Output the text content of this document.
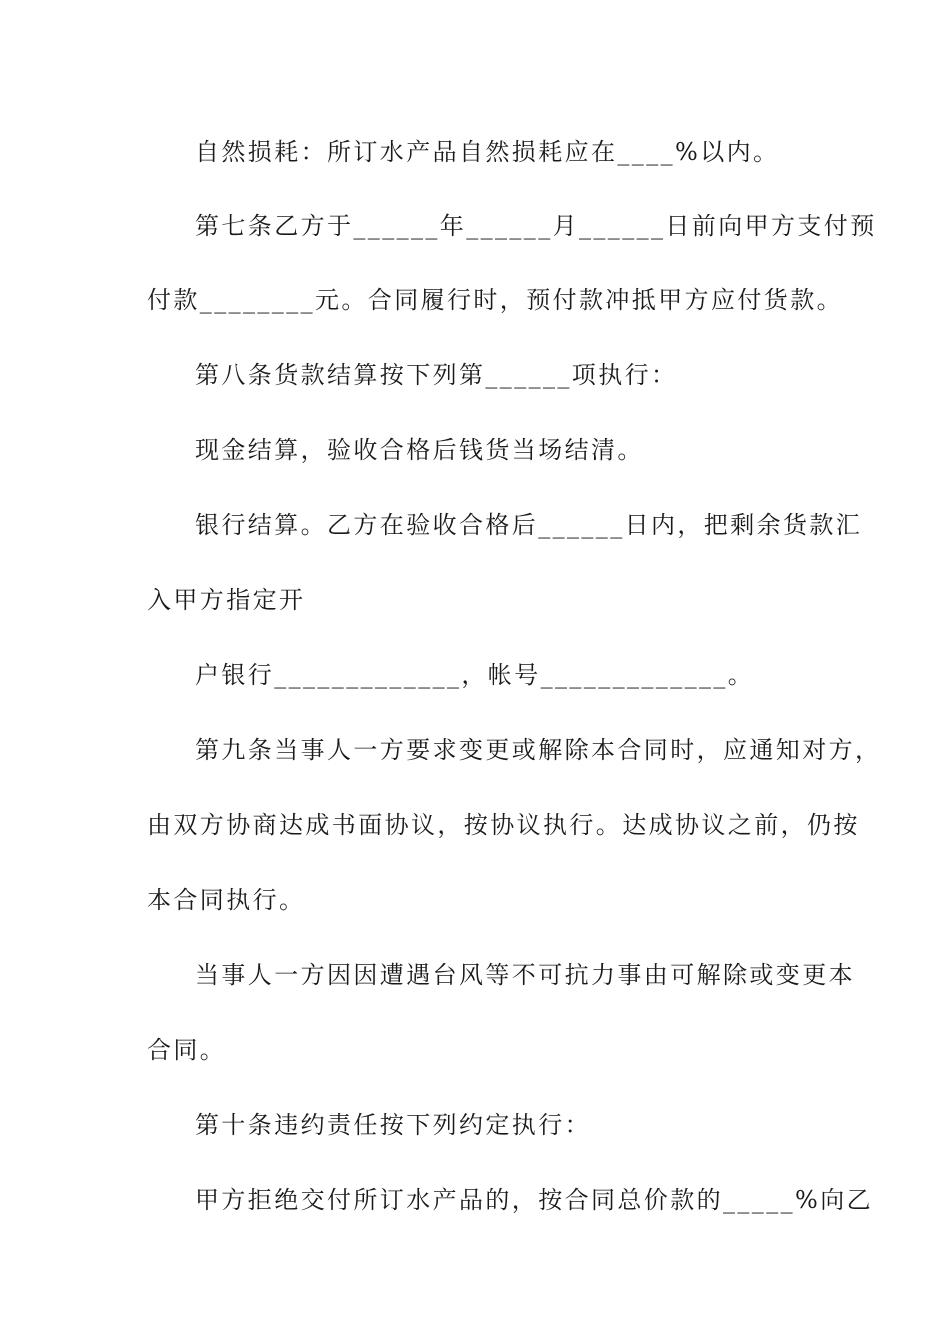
自然损耗：所订水产品自然损耗应在____%以内。
第七条乙方于______年______月______日前向甲方支付预
付款________元。合同履行时，预付款冲抵甲方应付货款。
第八条货款结算按下列第______项执行：
现金结算，验收合格后钱货当场结清。
银行结算。乙方在验收合格后______日内，把剩余货款汇
入甲方指定开
户银行_____________，帐号_____________。
第九条当事人一方要求变更或解除本合同时，应通知对方，
由双方协商达成书面协议，按协议执行。达成协议之前，仍按
本合同执行。
当事人一方因因遭遇台风等不可抗力事由可解除或变更本
合同。
第十条违约责任按下列约定执行：
甲方拒绝交付所订水产品的，按合同总价款的_____%向乙
